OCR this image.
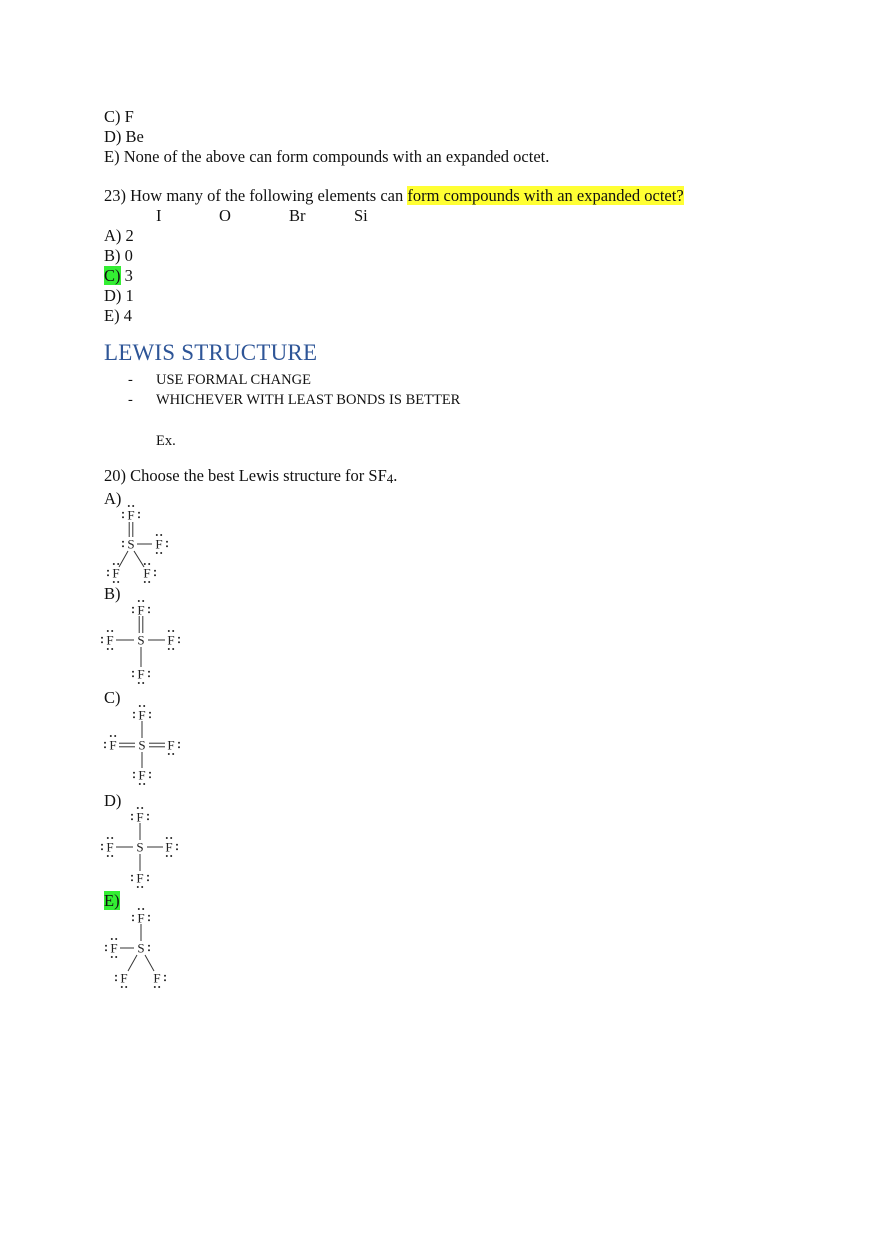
C) F
D) Be
E) None of the above can form compounds with an expanded octet.
23) How many of the following elements can form compounds with an expanded octet?
I	O	Br	Si
A) 2
B) 0
C) 3
D) 1
E) 4
LEWIS STRUCTURE
- USE FORMAL CHANGE
- WHICHEVER WITH LEAST BONDS IS BETTER
Ex.
20) Choose the best Lewis structure for SF4.
A)
S
F
F
F F
B)
S
F
F	F
F
C)
S
F
F	F
F
D)
S
F
F	F
F
E)
S
F
F
F F
